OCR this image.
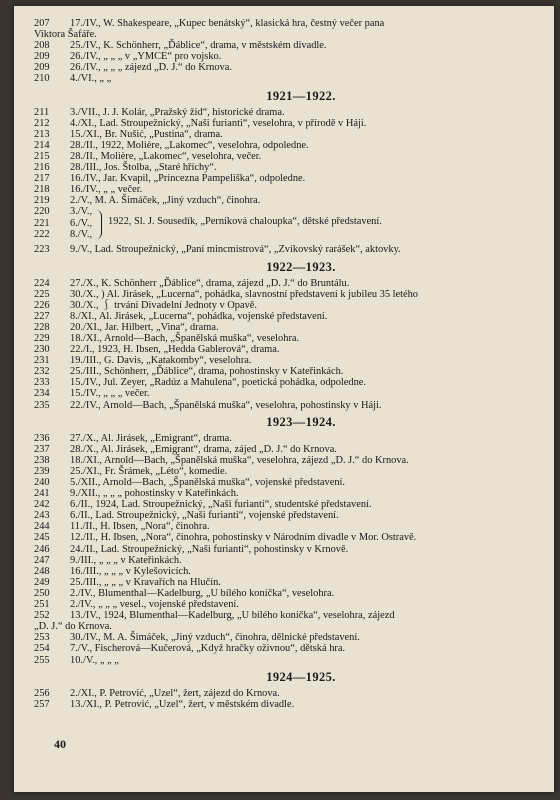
207	17./IV., W. Shakespeare, „Kupec benátský“, klasická hra, čestný večer pana
Viktora Šafáře.
208	25./IV., K. Schönherr, „Ďáblice“, drama, v městském divadle.
209	26./IV., „ „ „ v „YMCE“ pro vojsko.
209	26./IV., „ „ „ zájezd „D. J.“ do Krnova.
210	4./VI., „ „
1921—1922.
211	3./VII., J. J. Kolár, „Pražský žid“, historické drama.
212	4./XI., Lad. Stroupežnický, „Naši furianti“, veselohra, v přírodě v Háji.
213	15./XI., Br. Nušić, „Pustina“, drama.
214	28./II., 1922, Molière, „Lakomec“, veselohra, odpoledne.
215	28./II., Molière, „Lakomec“, veselohra, večer.
216	28./III., Jos. Štolba, „Staré hříchy“.
217	16./IV., Jar. Kvapil, „Princezna Pampeliška“, odpoledne.
218	16./IV., „ „ večer.
219	2./V., M. A. Šimáček, „Jiný vzduch“, činohra.
220	3./V.,
221	6./V.,
222	8./V.,
1922, Sl. J. Sousedík, „Perníková chaloupka“, dětské představení.
223	9./V., Lad. Stroupežnický, „Paní mincmistrová“, „Zvíkovský rarášek“, aktovky.
1922—1923.
224	27./X., K. Schönherr „Ďáblice“, drama, zájezd „D. J.“ do Bruntálu.
225	30./X., ) Al. Jirásek, „Lucerna“, pohádka, slavnostní představení k jubileu 35 letého
226	30./X., ⎰ trvání Divadelní Jednoty v Opavě.
227	8./XI., Al. Jirásek, „Lucerna“, pohádka, vojenské představení.
228	20./XI., Jar. Hilbert, „Vina“, drama.
229	18./XI., Arnold—Bach, „Španělská muška“, veselohra.
230	22./I., 1923, H. Ibsen, „Hedda Gablerová“, drama.
231	19./III., G. Davis, „Katakomby“, veselohra.
232	25./III., Schönherr, „Ďáblice“, drama, pohostinsky v Kateřinkách.
233	15./IV., Jul. Zeyer, „Radúz a Mahulena“, poetická pohádka, odpoledne.
234	15./IV., „ „ „ večer.
235	22./IV., Arnold—Bach, „Španělská muška“, veselohra, pohostinsky v Háji.
1923—1924.
236	27./X., Al. Jirásek, „Emigrant“, drama.
237	28./X., Al. Jirásek, „Emigrant“, drama, zájed „D. J.“ do Krnova.
238	18./XI., Arnold—Bach, „Španělská muška“, veselohra, zájezd „D. J.“ do Krnova.
239	25./XI., Fr. Šrámek, „Léto“, komedie.
240	5./XII., Arnold—Bach, „Španělská muška“, vojenské představení.
241	9./XII., „ „ „ pohostinsky v Kateřinkách.
242	6./II., 1924, Lad. Stroupežnický, „Naši furianti“, studentské představení.
243	6./II., Lad. Stroupežnický, „Naši furianti“, vojenské představení.
244	11./II., H. Ibsen, „Nora“, činohra.
245	12./II., H. Ibsen, „Nora“, činohra, pohostinsky v Národním divadle v Mor. Ostravě.
246	24./II., Lad. Stroupežnický, „Naši furianti“, pohostinsky v Krnově.
247	9./III., „ „ „ v Kateřinkách.
248	16./III., „ „ „ v Kylešovicích.
249	25./III., „ „ „ v Kravařích na Hlučín.
250	2./IV., Blumenthal—Kadelburg, „U bílého koníčka“, veselohra.
251	2./IV., „ „ „ vesel., vojenské představení.
252	13./IV., 1924, Blumenthal—Kadelburg, „U bílého koníčka“, veselohra, zájezd
„D. J.“ do Krnova.
253	30./IV., M. A. Šimáček, „Jiný vzduch“, činohra, dělnické představení.
254	7./V., Fischerová—Kučerová, „Když hračky oživnou“, dětská hra.
255	10./V., „ „ „
1924—1925.
256	2./XI., P. Petrović, „Uzel“, žert, zájezd do Krnova.
257	13./XI., P. Petrović, „Uzel“, žert, v městském divadle.
40
